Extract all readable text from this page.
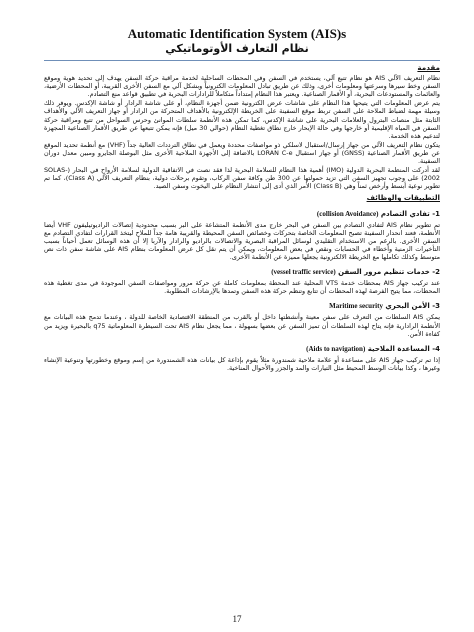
Automatic Identification System (AIS)s
نظام التعارف الأوتوماتيكي
مقدمة

نظام التعريف الآلي AIS هو نظام تتبع آلي، يستخدم في السفن وفي المحطات الساحلية لخدمة مراقبة حركة السفن يهدف إلى تحديد هوية وموقع السفن وخط سيرها وسرعتها ومعلومات أخرى، وذلك عن طريق تبادل المعلومات الكترونياً وبشكل آلي مع السفن الأخرى القريبة، أو المحطات الأرضية، والعائمات والمستودعات البحرية، أو الأقمار الصناعية. ويعتبر هذا النظام إمتداداً متكاملاً للرادارات البحرية في تطبيق قواعد منع التصادم.

يتم عرض المعلومات التي يتيحها هذا النظام على شاشات عرض الكترونية ضمن أجهزة النظام، أو على شاشة الرادار أو شاشة الإكدس. ويوفر ذلك وسيلة مهمة لضباط الملاحة على السفن تربط موقع السفينة على الخريطة الإلكترونية بالأهداف المتحركة من الرادار أو جهاز التعريف الآلي والأهداف الثابتة مثل منصات البترول والعلامات البحرية على شاشة الإكدس، كما تمكن هذه الأنظمة سلطات الموانئ وحرس السواحل من تتبع ومراقبة حركة السفن في المياه الإقليمية أو خارجها وفي حالة الإبحار خارج نطاق تغطية النظام (حوالي 30 ميل) فإنه يمكن تتبعها عن طريق الأقمار الصناعية المجهزة لتدعيم هذه الخدمة.

يتكون نظام التعريف الآلي من جهاز إرسال/استقبال لاسلكي ذو مواصفات محددة ويعمل في نطاق الترددات العالية جداً (VHF) مع أنظمة تحديد الموقع عن طريق الأقمار الصناعية (GNSS) أو جهاز استقبال LORAN C-e بالاضافة إلى الأجهزة الملاحية الأخرى مثل البوصلة الجايرو ومبين معدل دوران السفينة.

لقد أدركت المنظمة البحرية الدولية (IMO) أهمية هذا النظام للسلامة البحرية لذا فقد نصت في الاتفاقية الدولية لسلامة الأرواح في البحار (SOLAS-2002) على وجوب تجهيز السفن التي تزيد حمولتها عن 300 طن وكافة سفن الركاب، وتقوم برحلات دولية، بنظام التعريف الآلي (Class A)، كما تم تطوير نوعية أبسط وأرخص ثمناً وهي (Class B) الأمر الذي أدى إلى انتشار النظام على اليخوت وسفن الصيد.

التطبيقات والوظائف
1- تفادي التصادم (collision Avoidance)

تم تطوير نظام AIS لتفادي التصادم بين السفن في البحر خارج مدى الأنظمة المتشاعة على البر بسبب محدودية إتصالات الراديوتيليفون VHF أيضا الأنظمة، فعند انحدار السفينة تصبح المعلومات الخاصة بتحركات وخصائص السفن المحيطة والقريبة هامة جداً للملاح ليتخذ القرارات لتفادي التصادم مع السفن الأخرى. بالرغم من الاستخدام التقليدي لوسائل المراقبة البصرية والاتصالات بالراديو والرادار والآربا إلا أن هذه الوسائل تعمل أحياناً بسبب التأخيرات الزمنية وأخطاء في الحسابات ونقص في بعض المعلومات، ويمكن أن يتم نقل كل عرض المعلومات بنظام AIS على شاشة سفن ذات نص متوسط وكذلك تكاملها مع الخريطة الالكترونية يجعلها مميزة عن الأنظمة الأخرى.

2- خدمات تنظيم مرور السفن (vessel traffic service)

عند تركيب جهاز AIS بمحطات خدمة VTS المحلية عند المحطة بمعلومات كاملة عن حركة مرور ومواصفات السفن الموجودة في مدى تغطية هذه المحطات، مما يتيح الفرصة لهذه المحطات أن تتابع وتنظم حركة هذه السفن وتمدها بالإرشادات المطلوبة.

3- الأمن البحري Maritime security

يمكن AIS السلطات من التعرف على سفن معينة وأنشطتها داخل أو بالقرب من المنطقة الاقتصادية الخاصة للدولة ، وعندما تدمج هذه البيانات مع الأنظمة الرادارية فإنه يتاح لهذه السلطات أن تميز السفن عن بعضها بسهولة ، مما يجعل نظام AIS تحت السيطرة المعلوماتية q75 بالبحيرة ويزيد من كفاءة الأمن.

4- المساعدة الملاحية (Aids to navigation)

إذا تم تركيب جهاز AIS على مساعدة أو علامة ملاحية شمندورة مثلاً يقوم بإذاعة كل بيانات هذه الشمندورة من إسم وموقع وخطورتها وتنوعية الإنشاء وغيرها ، وكذا بيانات الوسط المحيط مثل التيارات والمد والجزر والأحوال المناخية.

17
